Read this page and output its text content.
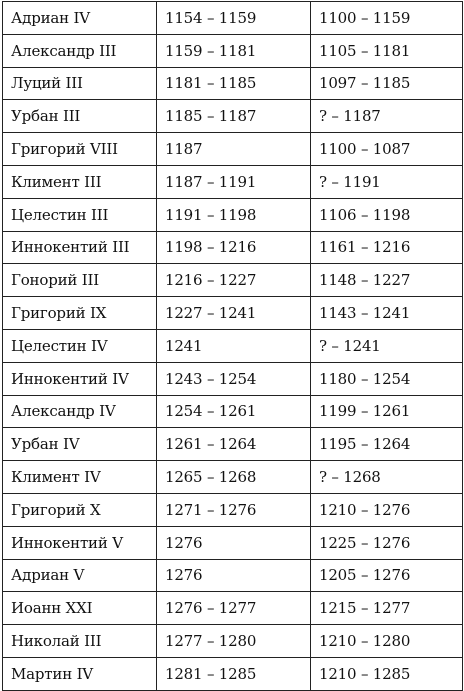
Адриан IV	1154 – 1159	1100 – 1159
Александр III	1159 – 1181	1105 – 1181
Луций III	1181 – 1185	1097 – 1185
Урбан III	1185 – 1187	? – 1187
Григорий VIII	1187	1100 – 1087
Климент III	1187 – 1191	? – 1191
Целестин III	1191 – 1198	1106 – 1198
Иннокентий III	1198 – 1216	1161 – 1216
Гонорий III	1216 – 1227	1148 – 1227
Григорий IX	1227 – 1241	1143 – 1241
Целестин IV	1241	? – 1241
Иннокентий IV	1243 – 1254	1180 – 1254
Александр IV	1254 – 1261	1199 – 1261
Урбан IV	1261 – 1264	1195 – 1264
Климент IV	1265 – 1268	? – 1268
Григорий X	1271 – 1276	1210 – 1276
Иннокентий V	1276	1225 – 1276
Адриан V	1276	1205 – 1276
Иоанн XXI	1276 – 1277	1215 – 1277
Николай III	1277 – 1280	1210 – 1280
Мартин IV	1281 – 1285	1210 – 1285
